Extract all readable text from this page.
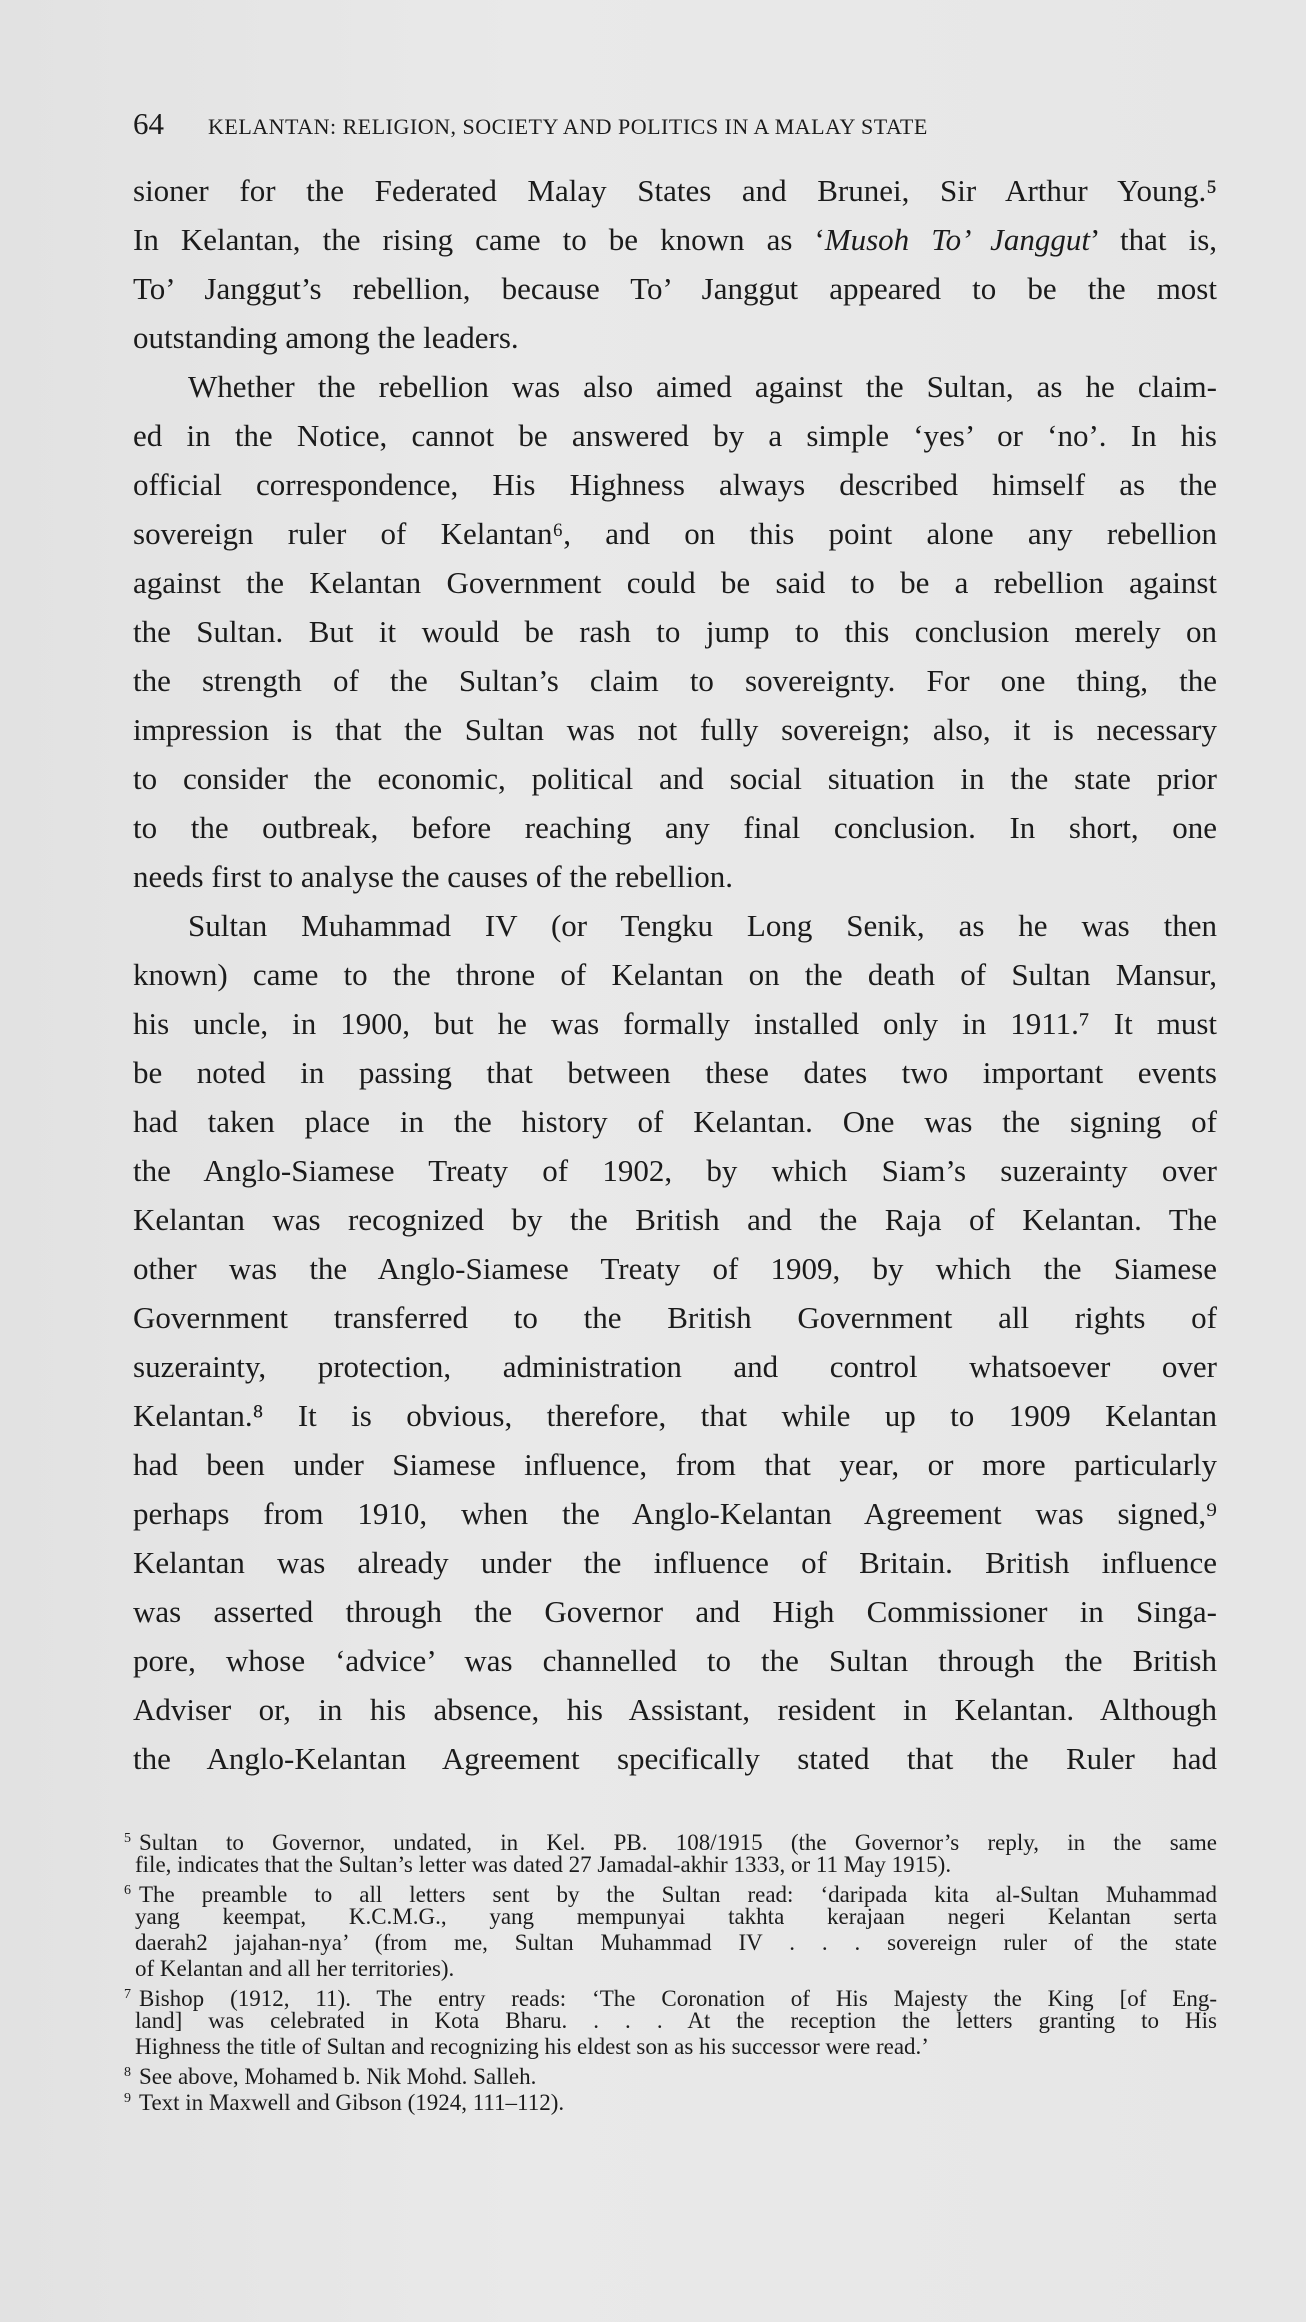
64	KELANTAN: RELIGION, SOCIETY AND POLITICS IN A MALAY STATE
sioner for the Federated Malay States and Brunei, Sir Arthur Young.⁵
In Kelantan, the rising came to be known as ‘Musoh To’ Janggut’ that is,
To’ Janggut’s rebellion, because To’ Janggut appeared to be the most
outstanding among the leaders.
Whether the rebellion was also aimed against the Sultan, as he claim-
ed in the Notice, cannot be answered by a simple ‘yes’ or ‘no’. In his
official correspondence, His Highness always described himself as the
sovereign ruler of Kelantan⁶, and on this point alone any rebellion
against the Kelantan Government could be said to be a rebellion against
the Sultan. But it would be rash to jump to this conclusion merely on
the strength of the Sultan’s claim to sovereignty. For one thing, the
impression is that the Sultan was not fully sovereign; also, it is necessary
to consider the economic, political and social situation in the state prior
to the outbreak, before reaching any final conclusion. In short, one
needs first to analyse the causes of the rebellion.
Sultan Muhammad IV (or Tengku Long Senik, as he was then
known) came to the throne of Kelantan on the death of Sultan Mansur,
his uncle, in 1900, but he was formally installed only in 1911.⁷ It must
be noted in passing that between these dates two important events
had taken place in the history of Kelantan. One was the signing of
the Anglo-Siamese Treaty of 1902, by which Siam’s suzerainty over
Kelantan was recognized by the British and the Raja of Kelantan. The
other was the Anglo-Siamese Treaty of 1909, by which the Siamese
Government transferred to the British Government all rights of
suzerainty, protection, administration and control whatsoever over
Kelantan.⁸ It is obvious, therefore, that while up to 1909 Kelantan
had been under Siamese influence, from that year, or more particularly
perhaps from 1910, when the Anglo-Kelantan Agreement was signed,⁹
Kelantan was already under the influence of Britain. British influence
was asserted through the Governor and High Commissioner in Singa-
pore, whose ‘advice’ was channelled to the Sultan through the British
Adviser or, in his absence, his Assistant, resident in Kelantan. Although
the Anglo-Kelantan Agreement specifically stated that the Ruler had
$^5$ Sultan to Governor, undated, in Kel. PB. 108/1915 (the Governor’s reply, in the same
file, indicates that the Sultan’s letter was dated 27 Jamadal-akhir 1333, or 11 May 1915).
$^6$ The preamble to all letters sent by the Sultan read: ‘daripada kita al-Sultan Muhammad
yang keempat, K.C.M.G., yang mempunyai takhta kerajaan negeri Kelantan serta
daerah2 jajahan-nya’ (from me, Sultan Muhammad IV . . . sovereign ruler of the state
of Kelantan and all her territories).
$^7$ Bishop (1912, 11). The entry reads: ‘The Coronation of His Majesty the King [of Eng-
land] was celebrated in Kota Bharu. . . . At the reception the letters granting to His
Highness the title of Sultan and recognizing his eldest son as his successor were read.’
$^8$ See above, Mohamed b. Nik Mohd. Salleh.
$^9$ Text in Maxwell and Gibson (1924, 111–112).
